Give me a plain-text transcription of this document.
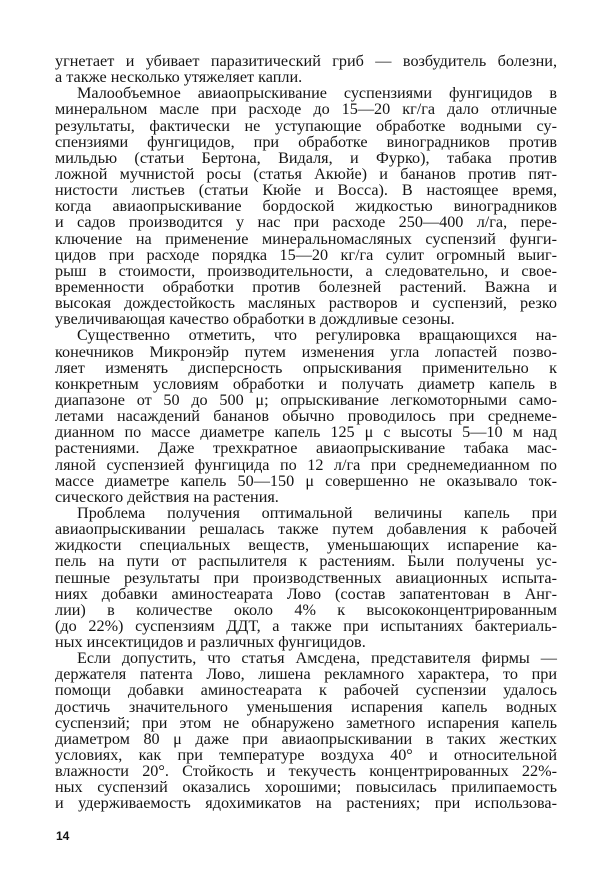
угнетает и убивает паразитический гриб — возбудитель болезни,
а также несколько утяжеляет капли.
Малообъемное авиаопрыскивание суспензиями фунгицидов в
минеральном масле при расходе до 15—20 кг/га дало отличные
результаты, фактически не уступающие обработке водными су-
спензиями фунгицидов, при обработке виноградников против
мильдью (статьи Бертона, Видаля, и Фурко), табака против
ложной мучнистой росы (статья Акюйе) и бананов против пят-
нистости листьев (статьи Кюйе и Восса). В настоящее время,
когда авиаопрыскивание бордоской жидкостью виноградников
и садов производится у нас при расходе 250—400 л/га, пере-
ключение на применение минеральномасляных суспензий фунги-
цидов при расходе порядка 15—20 кг/га сулит огромный выиг-
рыш в стоимости, производительности, а следовательно, и свое-
временности обработки против болезней растений. Важна и
высокая дождестойкость масляных растворов и суспензий, резко
увеличивающая качество обработки в дождливые сезоны.
Существенно отметить, что регулировка вращающихся на-
конечников Микронэйр путем изменения угла лопастей позво-
ляет изменять дисперсность опрыскивания применительно к
конкретным условиям обработки и получать диаметр капель в
диапазоне от 50 до 500 μ; опрыскивание легкомоторными само-
летами насаждений бананов обычно проводилось при среднеме-
дианном по массе диаметре капель 125 μ с высоты 5—10 м над
растениями. Даже трехкратное авиаопрыскивание табака мас-
ляной суспензией фунгицида по 12 л/га при среднемедианном по
массе диаметре капель 50—150 μ совершенно не оказывало ток-
сического действия на растения.
Проблема получения оптимальной величины капель при
авиаопрыскивании решалась также путем добавления к рабочей
жидкости специальных веществ, уменьшающих испарение ка-
пель на пути от распылителя к растениям. Были получены ус-
пешные результаты при производственных авиационных испыта-
ниях добавки аминостеарата Лово (состав запатентован в Анг-
лии) в количестве около 4% к высококонцентрированным
(до 22%) суспензиям ДДТ, а также при испытаниях бактериаль-
ных инсектицидов и различных фунгицидов.
Если допустить, что статья Амсдена, представителя фирмы —
держателя патента Лово, лишена рекламного характера, то при
помощи добавки аминостеарата к рабочей суспензии удалось
достичь значительного уменьшения испарения капель водных
суспензий; при этом не обнаружено заметного испарения капель
диаметром 80 μ даже при авиаопрыскивании в таких жестких
условиях, как при температуре воздуха 40° и относительной
влажности 20°. Стойкость и текучесть концентрированных 22%-
ных суспензий оказались хорошими; повысилась прилипаемость
и удерживаемость ядохимикатов на растениях; при использова-
14
